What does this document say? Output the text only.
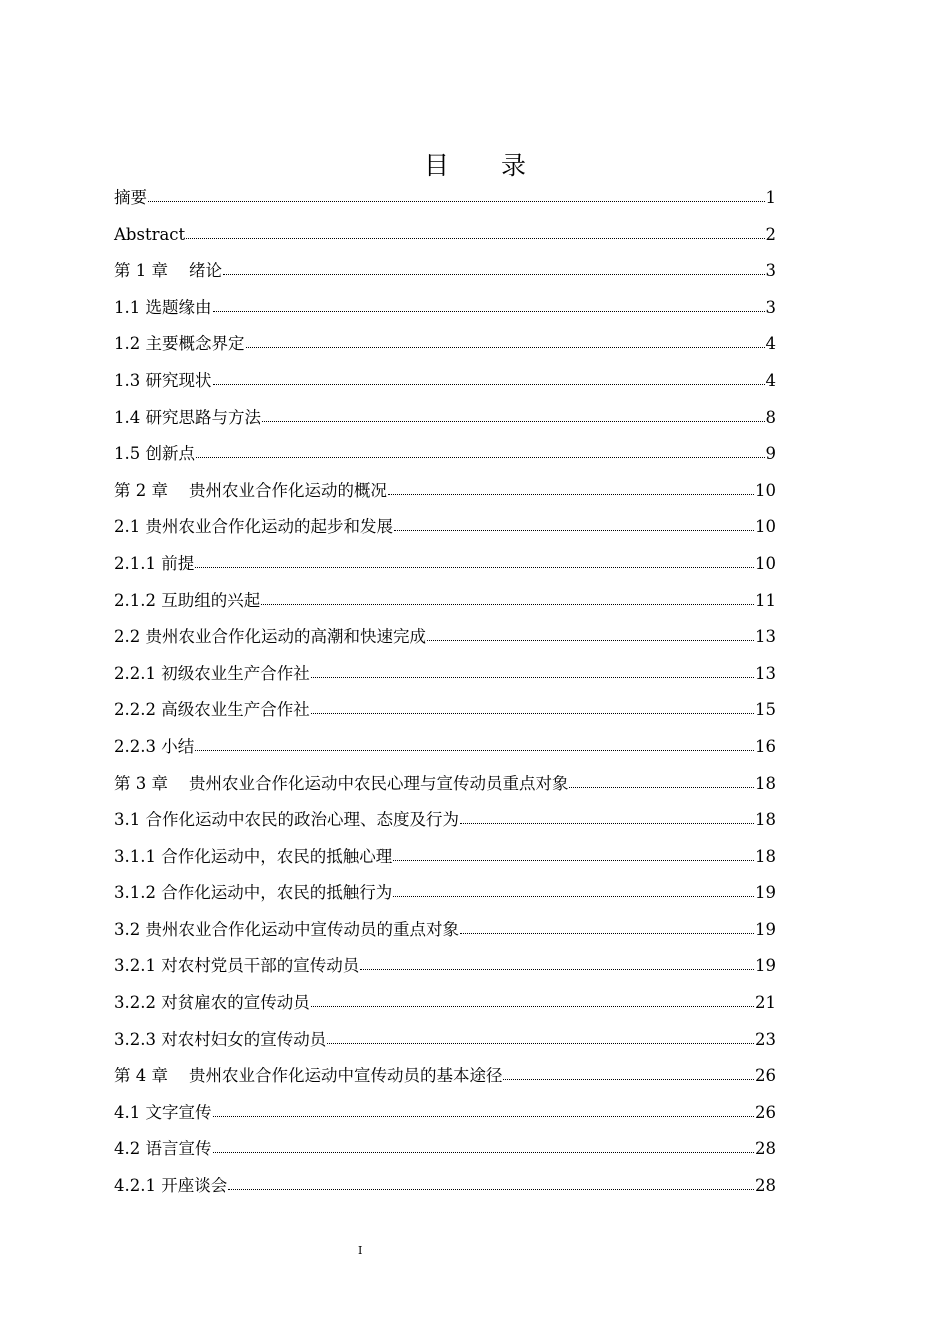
目 录
摘要	1
Abstract	2
第 1 章    绪论	3
1.1 选题缘由	3
1.2 主要概念界定	4
1.3 研究现状	4
1.4 研究思路与方法	8
1.5 创新点	9
第 2 章    贵州农业合作化运动的概况	10
2.1 贵州农业合作化运动的起步和发展	10
2.1.1 前提	10
2.1.2 互助组的兴起	11
2.2 贵州农业合作化运动的高潮和快速完成	13
2.2.1 初级农业生产合作社	13
2.2.2 高级农业生产合作社	15
2.2.3 小结	16
第 3 章    贵州农业合作化运动中农民心理与宣传动员重点对象	18
3.1 合作化运动中农民的政治心理、态度及行为	18
3.1.1 合作化运动中，农民的抵触心理	18
3.1.2 合作化运动中，农民的抵触行为	19
3.2 贵州农业合作化运动中宣传动员的重点对象	19
3.2.1 对农村党员干部的宣传动员	19
3.2.2 对贫雇农的宣传动员	21
3.2.3 对农村妇女的宣传动员	23
第 4 章    贵州农业合作化运动中宣传动员的基本途径	26
4.1 文字宣传	26
4.2 语言宣传	28
4.2.1 开座谈会	28
I
